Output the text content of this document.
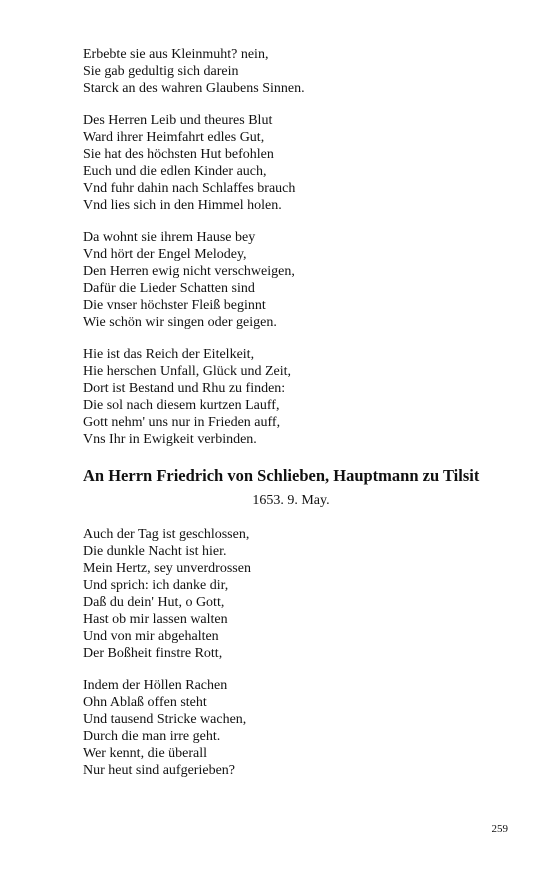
Erbebte sie aus Kleinmuht? nein,
Sie gab gedultig sich darein
Starck an des wahren Glaubens Sinnen.
Des Herren Leib und theures Blut
Ward ihrer Heimfahrt edles Gut,
Sie hat des höchsten Hut befohlen
Euch und die edlen Kinder auch,
Vnd fuhr dahin nach Schlaffes brauch
Vnd lies sich in den Himmel holen.
Da wohnt sie ihrem Hause bey
Vnd hört der Engel Melodey,
Den Herren ewig nicht verschweigen,
Dafür die Lieder Schatten sind
Die vnser höchster Fleiß beginnt
Wie schön wir singen oder geigen.
Hie ist das Reich der Eitelkeit,
Hie herschen Unfall, Glück und Zeit,
Dort ist Bestand und Rhu zu finden:
Die sol nach diesem kurtzen Lauff,
Gott nehm' uns nur in Frieden auff,
Vns Ihr in Ewigkeit verbinden.
An Herrn Friedrich von Schlieben, Hauptmann zu Tilsit
1653. 9. May.
Auch der Tag ist geschlossen,
Die dunkle Nacht ist hier.
Mein Hertz, sey unverdrossen
Und sprich: ich danke dir,
Daß du dein' Hut, o Gott,
Hast ob mir lassen walten
Und von mir abgehalten
Der Boßheit finstre Rott,
Indem der Höllen Rachen
Ohn Ablaß offen steht
Und tausend Stricke wachen,
Durch die man irre geht.
Wer kennt, die überall
Nur heut sind aufgerieben?
259
